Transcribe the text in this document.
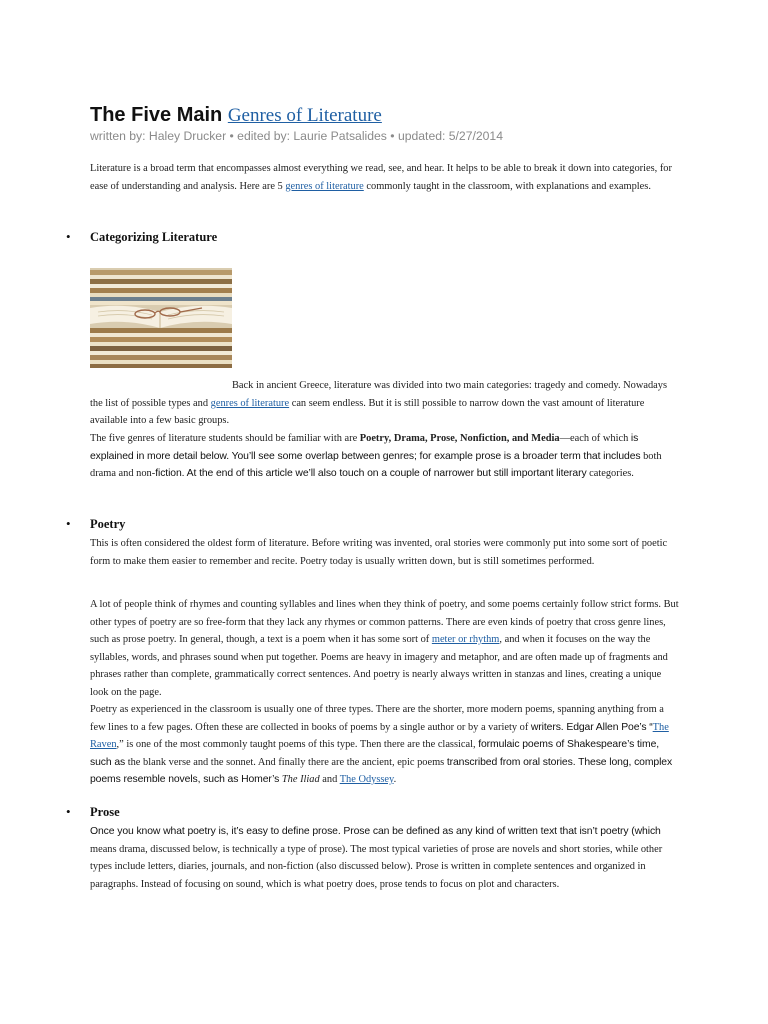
The Five Main Genres of Literature
written by: Haley Drucker • edited by: Laurie Patsalides • updated: 5/27/2014
Literature is a broad term that encompasses almost everything we read, see, and hear. It helps to be able to break it down into categories, for ease of understanding and analysis. Here are 5 genres of literature commonly taught in the classroom, with explanations and examples.
• Categorizing Literature
Back in ancient Greece, literature was divided into two main categories: tragedy and comedy. Nowadays the list of possible types and genres of literature can seem endless. But it is still possible to narrow down the vast amount of literature available into a few basic groups.
The five genres of literature students should be familiar with are Poetry, Drama, Prose, Nonfiction, and Media—each of which is explained in more detail below. You’ll see some overlap between genres; for example prose is a broader term that includes both drama and non-fiction. At the end of this article we’ll also touch on a couple of narrower but still important literary categories.
• Poetry
This is often considered the oldest form of literature. Before writing was invented, oral stories were commonly put into some sort of poetic form to make them easier to remember and recite. Poetry today is usually written down, but is still sometimes performed.
A lot of people think of rhymes and counting syllables and lines when they think of poetry, and some poems certainly follow strict forms. But other types of poetry are so free-form that they lack any rhymes or common patterns. There are even kinds of poetry that cross genre lines, such as prose poetry. In general, though, a text is a poem when it has some sort of meter or rhythm, and when it focuses on the way the syllables, words, and phrases sound when put together. Poems are heavy in imagery and metaphor, and are often made up of fragments and phrases rather than complete, grammatically correct sentences. And poetry is nearly always written in stanzas and lines, creating a unique look on the page.
Poetry as experienced in the classroom is usually one of three types. There are the shorter, more modern poems, spanning anything from a few lines to a few pages. Often these are collected in books of poems by a single author or by a variety of writers. Edgar Allen Poe’s “The Raven,” is one of the most commonly taught poems of this type. Then there are the classical, formulaic poems of Shakespeare’s time, such as the blank verse and the sonnet. And finally there are the ancient, epic poems transcribed from oral stories. These long, complex poems resemble novels, such as Homer’s The Iliad and The Odyssey.
• Prose
Once you know what poetry is, it’s easy to define prose. Prose can be defined as any kind of written text that isn’t poetry (which means drama, discussed below, is technically a type of prose). The most typical varieties of prose are novels and short stories, while other types include letters, diaries, journals, and non-fiction (also discussed below). Prose is written in complete sentences and organized in paragraphs. Instead of focusing on sound, which is what poetry does, prose tends to focus on plot and characters.
